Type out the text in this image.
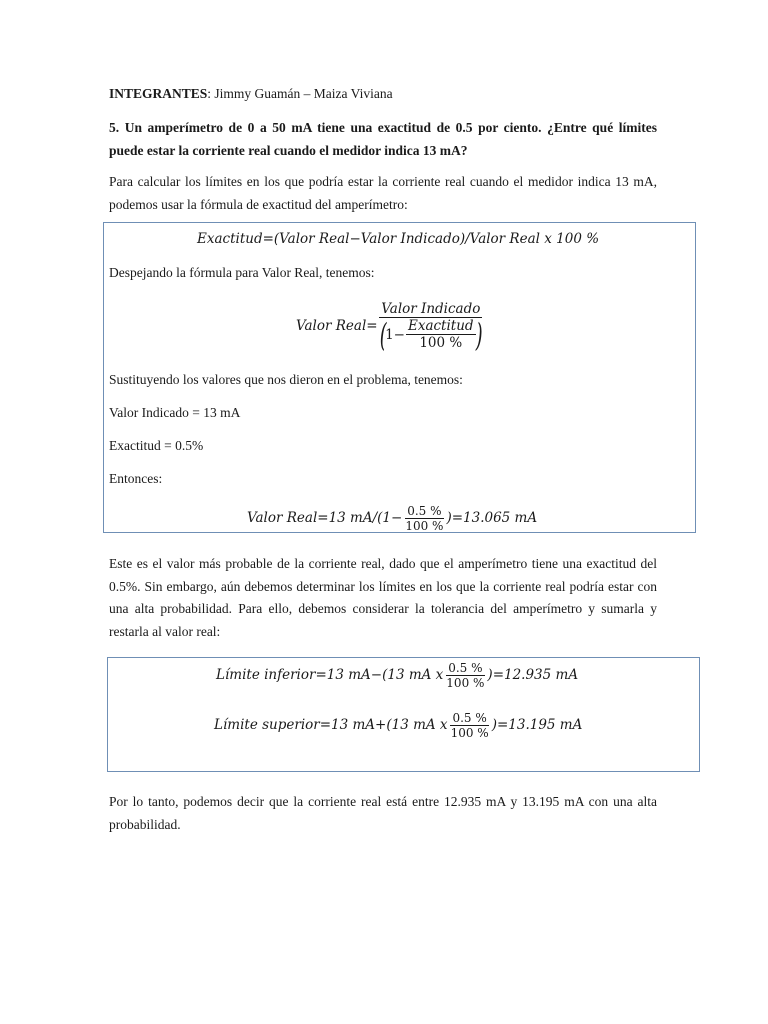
INTEGRANTES: Jimmy Guamán – Maiza Viviana

5. Un amperímetro de 0 a 50 mA tiene una exactitud de 0.5 por ciento. ¿Entre qué límites puede estar la corriente real cuando el medidor indica 13 mA?

Para calcular los límites en los que podría estar la corriente real cuando el medidor indica 13 mA, podemos usar la fórmula de exactitud del amperímetro:

Exactitud =(Valor Real−Valor Indicado)/Valor Real x 100 %

Despejando la fórmula para Valor Real, tenemos:

Valor Real=
Valor Indicado
(
$1- \frac{\text{Exactitud}}{100 \%}$ )

Sustituyendo los valores que nos dieron en el problema, tenemos:

Valor Indicado = 13 mA

Exactitud = 0.5%

Entonces:

Valor Real=13 $mA/(1- \frac{0.5 \%}{100 \%} )=13.065$ mA

Este es el valor más probable de la corriente real, dado que el amperímetro tiene una exactitud del 0.5%. Sin embargo, aún debemos determinar los límites en los que la corriente real podría estar con una alta probabilidad. Para ello, debemos considerar la tolerancia del amperímetro y sumarla y restarla al valor real:

Límite inferior=13 mA−(13 mA x $\frac{0.5 \%}{100 \%} )=12.935$ mA
Límite superior=13 mA+(13 mA x $\frac{0.5 \%}{100 \%} )=13.195$ mA

Por lo tanto, podemos decir que la corriente real está entre 12.935 mA y 13.195 mA con una alta probabilidad.
